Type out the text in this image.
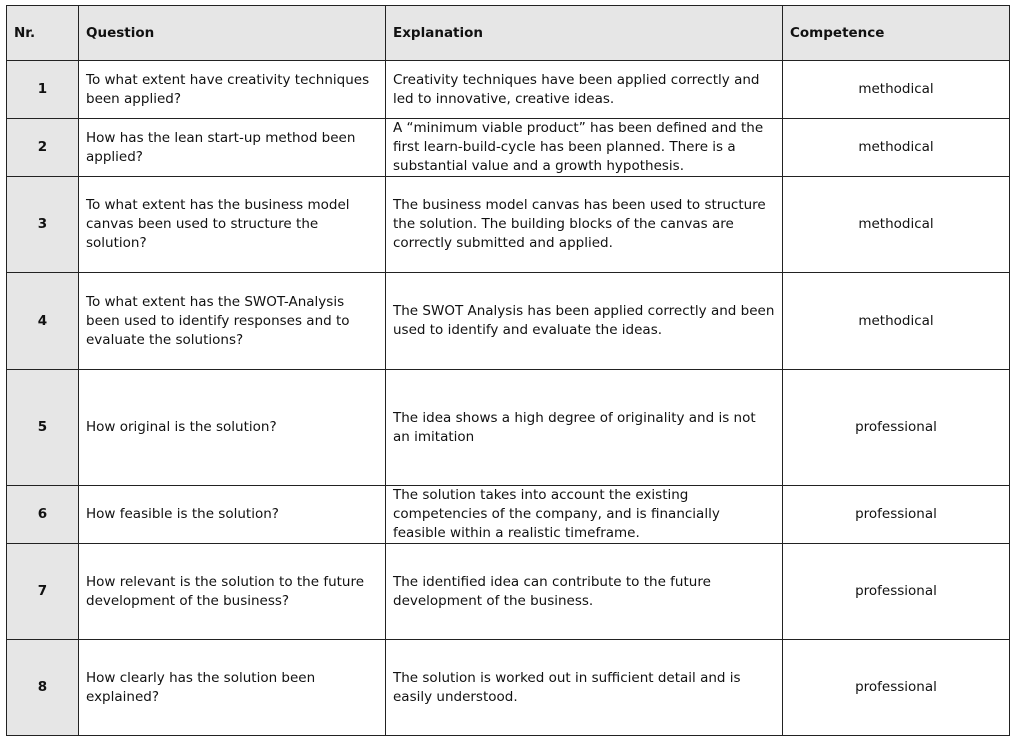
Nr.	Question	Explanation	Competence
1	To what extent have creativity techniques been applied?	Creativity techniques have been applied correctly and led to innovative, creative ideas.	methodical
2	How has the lean start-up method been applied?	A “minimum viable product” has been defined and the first learn-build-cycle has been planned. There is a substantial value and a growth hypothesis.	methodical
3	To what extent has the business model canvas been used to structure the solution?	The business model canvas has been used to structure the solution. The building blocks of the canvas are correctly submitted and applied.	methodical
4	To what extent has the SWOT-Analysis been used to identify responses and to evaluate the solutions?	The SWOT Analysis has been applied correctly and been used to identify and evaluate the ideas.	methodical
5	How original is the solution?	The idea shows a high degree of originality and is not an imitation	professional
6	How feasible is the solution?	The solution takes into account the existing competencies of the company, and is financially feasible within a realistic timeframe.	professional
7	How relevant is the solution to the future development of the business?	The identified idea can contribute to the future development of the business.	professional
8	How clearly has the solution been explained?	The solution is worked out in sufficient detail and is easily understood.	professional
